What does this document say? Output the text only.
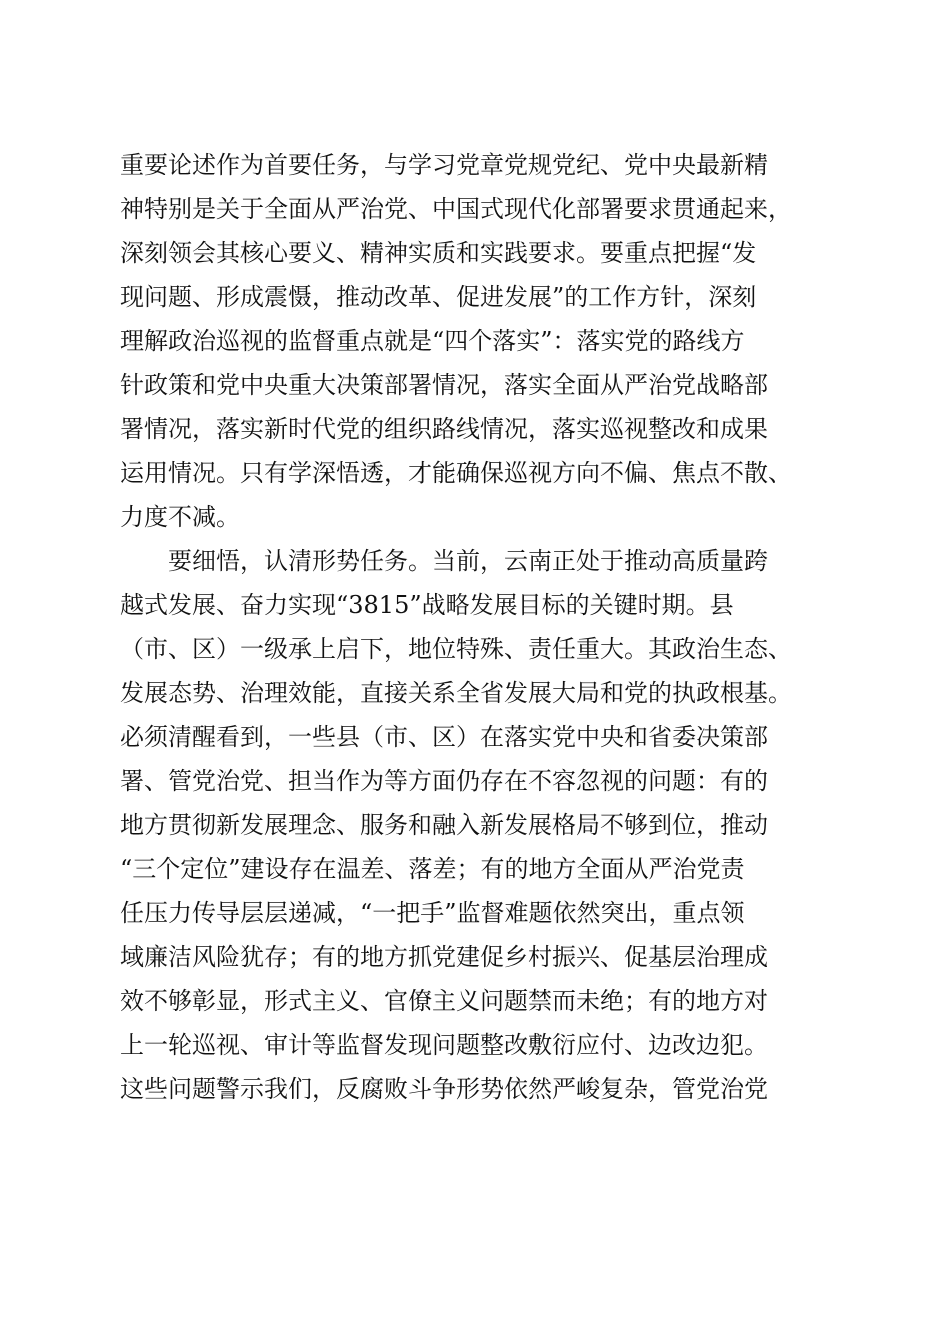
重要论述作为首要任务，与学习党章党规党纪、党中央最新精
神特别是关于全面从严治党、中国式现代化部署要求贯通起来，
深刻领会其核心要义、精神实质和实践要求。要重点把握“发
现问题、形成震慑，推动改革、促进发展”的工作方针，深刻
理解政治巡视的监督重点就是“四个落实”：落实党的路线方
针政策和党中央重大决策部署情况，落实全面从严治党战略部
署情况，落实新时代党的组织路线情况，落实巡视整改和成果
运用情况。只有学深悟透，才能确保巡视方向不偏、焦点不散、
力度不减。
要细悟，认清形势任务。当前，云南正处于推动高质量跨
越式发展、奋力实现“3815”战略发展目标的关键时期。县
（市、区）一级承上启下，地位特殊、责任重大。其政治生态、
发展态势、治理效能，直接关系全省发展大局和党的执政根基。
必须清醒看到，一些县（市、区）在落实党中央和省委决策部
署、管党治党、担当作为等方面仍存在不容忽视的问题：有的
地方贯彻新发展理念、服务和融入新发展格局不够到位，推动
“三个定位”建设存在温差、落差；有的地方全面从严治党责
任压力传导层层递减，“一把手”监督难题依然突出，重点领
域廉洁风险犹存；有的地方抓党建促乡村振兴、促基层治理成
效不够彰显，形式主义、官僚主义问题禁而未绝；有的地方对
上一轮巡视、审计等监督发现问题整改敷衍应付、边改边犯。
这些问题警示我们，反腐败斗争形势依然严峻复杂，管党治党
